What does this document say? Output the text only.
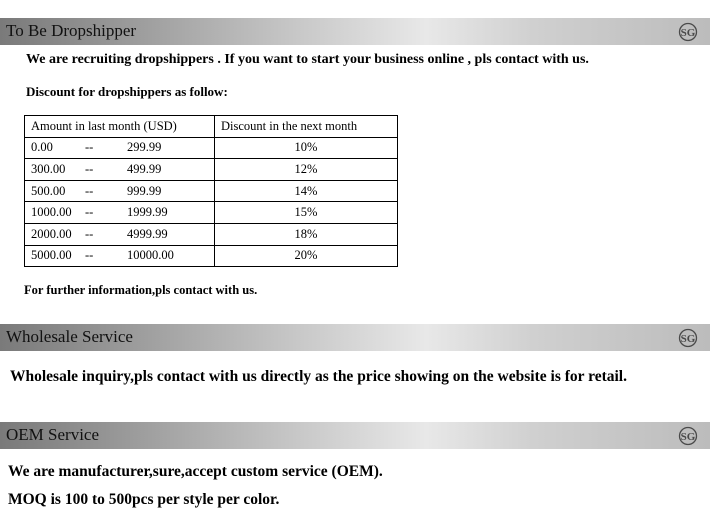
To Be Dropshipper	SG
We are recruiting dropshippers . If you want to start your business online , pls contact with us.
Discount for dropshippers as follow:
Amount in last month (USD)	Discount in the next month

0.00 -- 299.99	10%

300.00 -- 499.99	12%

500.00 -- 999.99	14%

1000.00 -- 1999.99	15%

2000.00 -- 4999.99	18%

5000.00 -- 10000.00	20%
For further information,pls contact with us.
Wholesale Service	SG
Wholesale inquiry,pls contact with us directly as the price showing on the website is for retail.
OEM Service	SG
We are manufacturer,sure,accept custom service (OEM).
MOQ is 100 to 500pcs per style per color.
